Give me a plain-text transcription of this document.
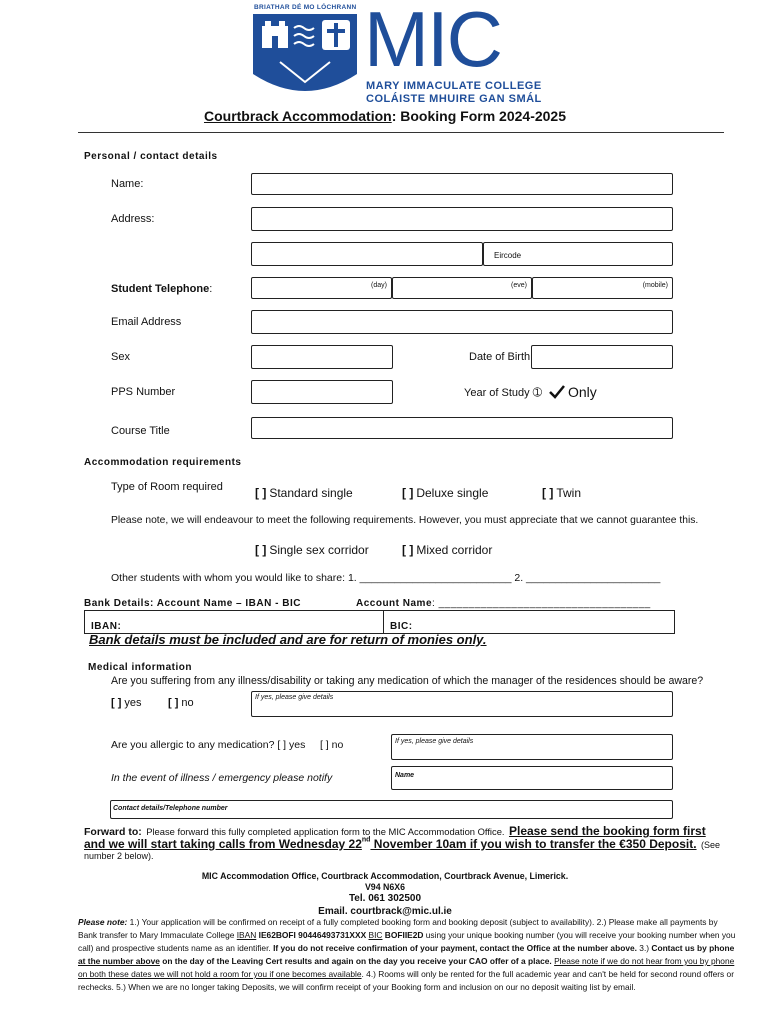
BRIATHAR DÉ MO LÓCHRANN MIC
MARY IMMACULATE COLLEGE
COLÁISTE MHUIRE GAN SMÁL
Courtbrack Accommodation: Booking Form 2024-2025
Personal / contact details
Name:
Address:
Eircode
Student Telephone:	(day)	(eve)	(mobile)
Email Address
Sex	Date of Birth
PPS Number	Year of Study ➀ Only
Course Title
Accommodation requirements
Type of Room required	[ ] Standard single	[ ] Deluxe single	[ ] Twin
Please note, we will endeavour to meet the following requirements. However, you must appreciate that we cannot guarantee this.
[ ] Single sex corridor	[ ] Mixed corridor
Other students with whom you would like to share: 1. __________________________ 2. _______________________
Bank Details: Account Name – IBAN - BIC	Account Name: ___________________________________
IBAN:	BIC:
Bank details must be included and are for return of monies only.
Medical information
Are you suffering from any illness/disability or taking any medication of which the manager of the residences should be aware?
[ ] yes [ ] no	If yes, please give details
Are you allergic to any medication? [ ] yes     [ ] no	If yes, please give details
In the event of illness / emergency please notify	Name
Contact details/Telephone number
Forward to: Please forward this fully completed application form to the MIC Accommodation Office. Please send the booking form first
and we will start taking calls from Wednesday 22nd November 10am if you wish to transfer the €350 Deposit. (See
number 2 below).
MIC Accommodation Office, Courtbrack Accommodation, Courtbrack Avenue, Limerick.
V94 N6X6
Tel. 061 302500
Email. courtbrack@mic.ul.ie
Please note: 1.) Your application will be confirmed on receipt of a fully completed booking form and booking deposit (subject to availability). 2.) Please make all payments by Bank transfer to Mary Immaculate College IBAN IE62BOFI 90446493731XXX BIC BOFIIE2D using your unique booking number (you will receive your booking number when you call) and prospective students name as an identifier. If you do not receive confirmation of your payment, contact the Office at the number above. 3.) Contact us by phone at the number above on the day of the Leaving Cert results and again on the day you receive your CAO offer of a place. Please note if we do not hear from you by phone on both these dates we will not hold a room for you if one becomes available. 4.) Rooms will only be rented for the full academic year and can't be held for second round offers or rechecks. 5.) When we are no longer taking Deposits, we will confirm receipt of your Booking form and inclusion on our no deposit waiting list by email.
